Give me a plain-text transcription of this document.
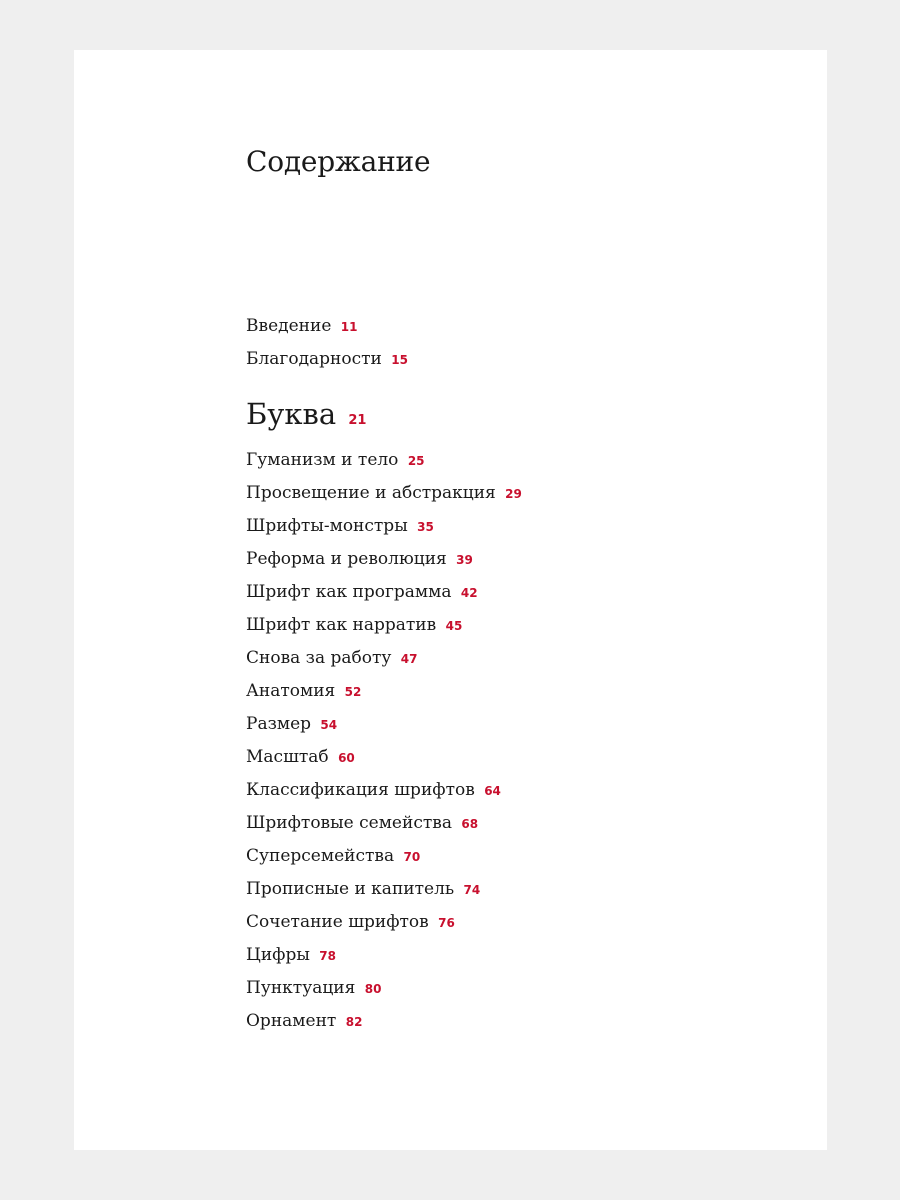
Содержание
Введение 11
Благодарности 15
Буква 21
Гуманизм и тело 25
Просвещение и абстракция 29
Шрифты-монстры 35
Реформа и революция 39
Шрифт как программа 42
Шрифт как нарратив 45
Снова за работу 47
Анатомия 52
Размер 54
Масштаб 60
Классификация шрифтов 64
Шрифтовые семейства 68
Суперсемейства 70
Прописные и капитель 74
Сочетание шрифтов 76
Цифры 78
Пунктуация 80
Орнамент 82
